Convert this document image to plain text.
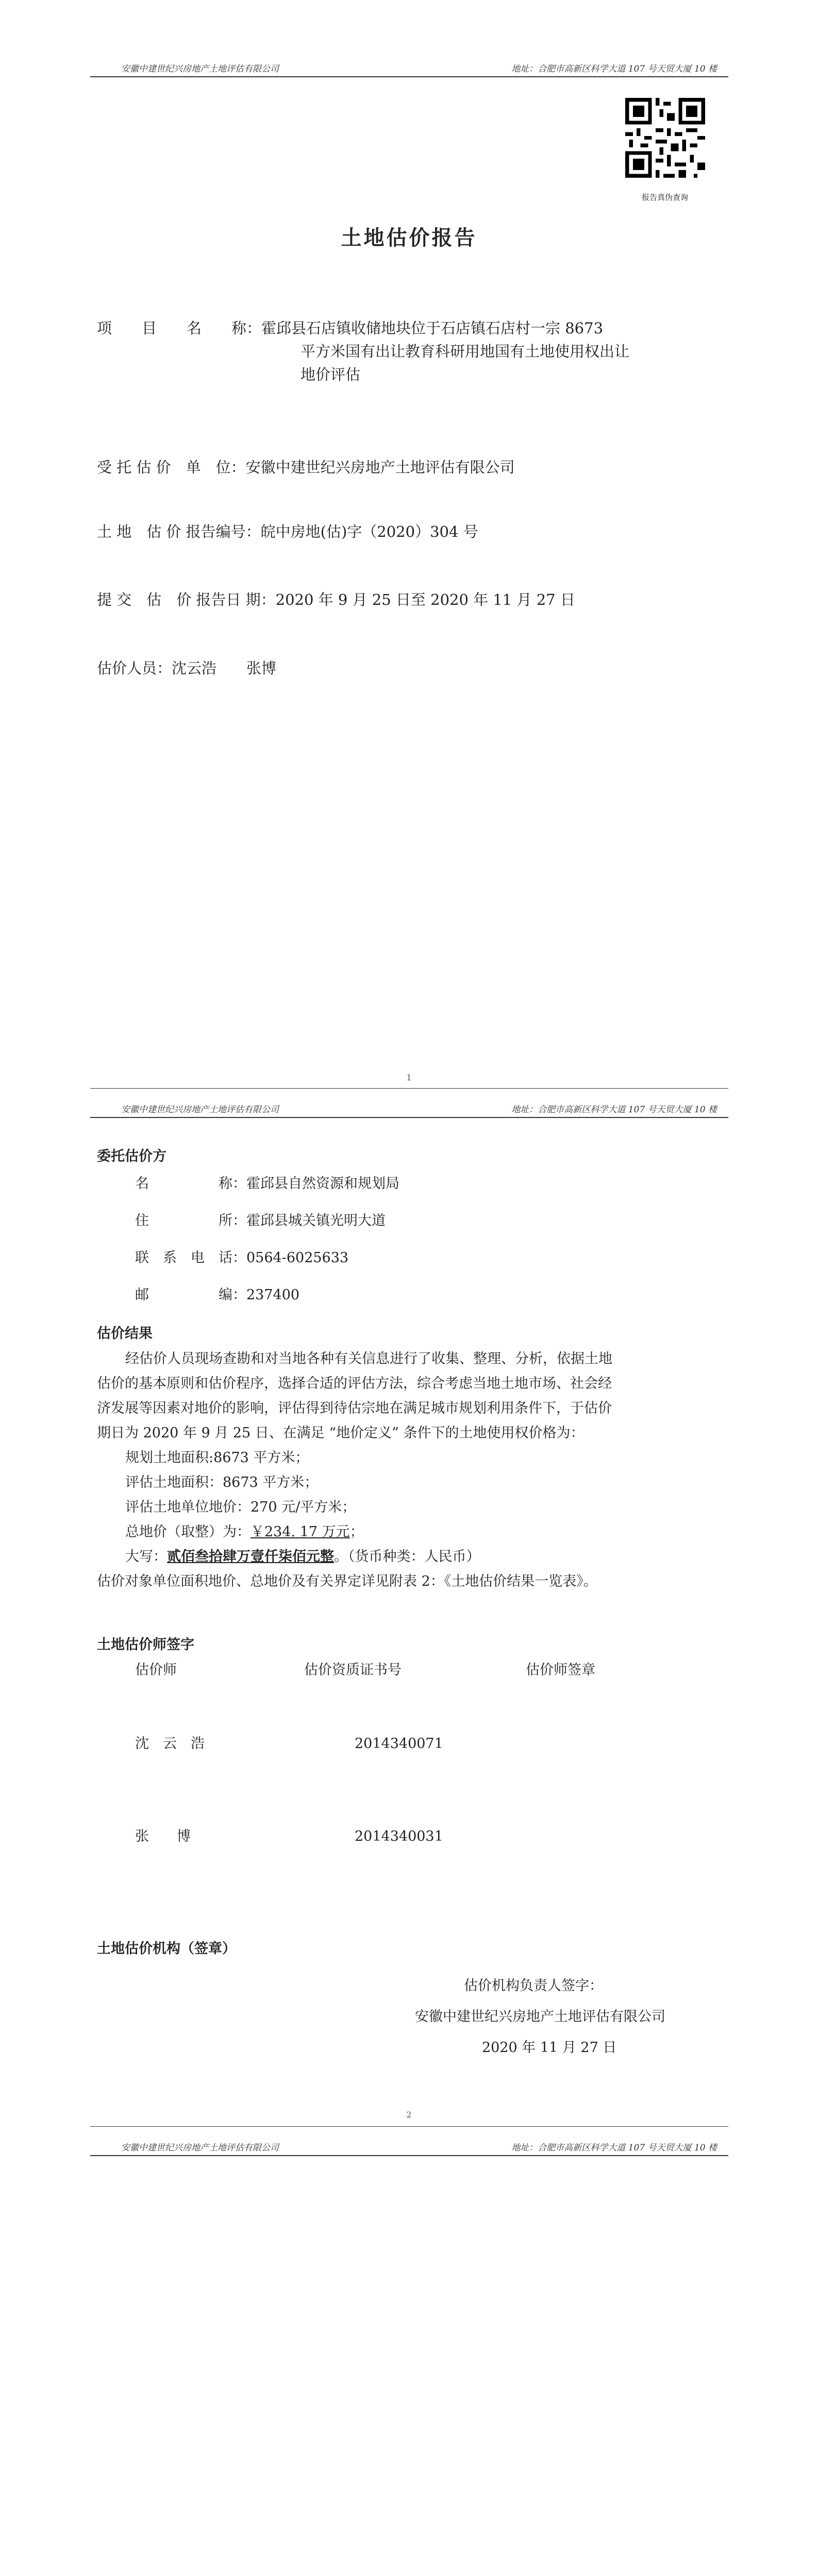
安徽中建世纪兴房地产土地评估有限公司	地址：合肥市高新区科学大道 107 号天贸大厦 10 楼
报告真伪查询
土地估价报告
项　　目　　名　　称：霍邱县石店镇收储地块位于石店镇石店村一宗 8673
平方米国有出让教育科研用地国有土地使用权出让
地价评估
受 托 估 价　单　位：安徽中建世纪兴房地产土地评估有限公司
土 地　估 价 报告编号：皖中房地(估)字（2020）304 号
提 交　估　价 报告日 期：2020 年 9 月 25 日至 2020 年 11 月 27 日
估价人员：沈云浩　　张博
1
安徽中建世纪兴房地产土地评估有限公司	地址：合肥市高新区科学大道 107 号天贸大厦 10 楼
委托估价方
名　　　　　称：霍邱县自然资源和规划局
住　　　　　所：霍邱县城关镇光明大道
联　系　电　话：0564-6025633
邮　　　　　编：237400
估价结果
经估价人员现场查勘和对当地各种有关信息进行了收集、整理、分析，依据土地
估价的基本原则和估价程序，选择合适的评估方法，综合考虑当地土地市场、社会经
济发展等因素对地价的影响，评估得到待估宗地在满足城市规划利用条件下，于估价
期日为 2020 年 9 月 25 日、在满足 “地价定义” 条件下的土地使用权价格为：
规划土地面积:8673 平方米；
评估土地面积：8673 平方米；
评估土地单位地价：270 元/平方米；
总地价（取整）为：￥234. 17 万元；
大写：贰佰叁拾肆万壹仟柒佰元整。（货币种类：人民币）
估价对象单位面积地价、总地价及有关界定详见附表 2：《土地估价结果一览表》。
土地估价师签字
估价师	估价资质证书号	估价师签章
沈　云　浩	2014340071
张　　博	2014340031
土地估价机构（签章）
估价机构负责人签字：
安徽中建世纪兴房地产土地评估有限公司
2020 年 11 月 27 日
2
安徽中建世纪兴房地产土地评估有限公司	地址：合肥市高新区科学大道 107 号天贸大厦 10 楼
